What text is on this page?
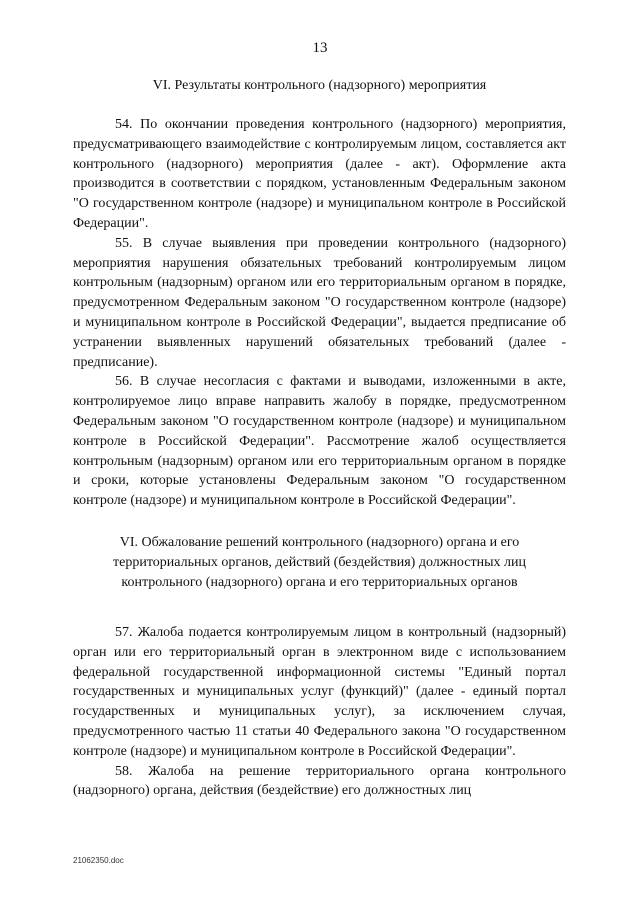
13

VI. Результаты контрольного (надзорного) мероприятия

54. По окончании проведения контрольного (надзорного) мероприятия, предусматривающего взаимодействие с контролируемым лицом, составляется акт контрольного (надзорного) мероприятия (далее - акт). Оформление акта производится в соответствии с порядком, установленным Федеральным законом "О государственном контроле (надзоре) и муниципальном контроле в Российской Федерации".

55. В случае выявления при проведении контрольного (надзорного) мероприятия нарушения обязательных требований контролируемым лицом контрольным (надзорным) органом или его территориальным органом в порядке, предусмотренном Федеральным законом "О государственном контроле (надзоре) и муниципальном контроле в Российской Федерации", выдается предписание об устранении выявленных нарушений обязательных требований (далее - предписание).

56. В случае несогласия с фактами и выводами, изложенными в акте, контролируемое лицо вправе направить жалобу в порядке, предусмотренном Федеральным законом "О государственном контроле (надзоре) и муниципальном контроле в Российской Федерации". Рассмотрение жалоб осуществляется контрольным (надзорным) органом или его территориальным органом в порядке и сроки, которые установлены Федеральным законом "О государственном контроле (надзоре) и муниципальном контроле в Российской Федерации".

VI. Обжалование решений контрольного (надзорного) органа и его
территориальных органов, действий (бездействия) должностных лиц
контрольного (надзорного) органа и его территориальных органов

57. Жалоба подается контролируемым лицом в контрольный (надзорный) орган или его территориальный орган в электронном виде с использованием федеральной государственной информационной системы "Единый портал государственных и муниципальных услуг (функций)" (далее - единый портал государственных и муниципальных услуг), за исключением случая, предусмотренного частью 11 статьи 40 Федерального закона "О государственном контроле (надзоре) и муниципальном контроле в Российской Федерации".

58. Жалоба на решение территориального органа контрольного (надзорного) органа, действия (бездействие) его должностных лиц

21062350.doc
